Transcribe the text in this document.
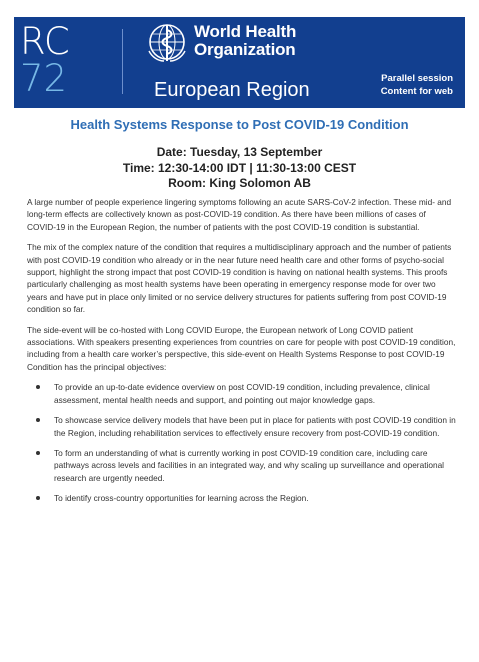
RC
72
World Health
Organization
European Region
Parallel session
Content for web
Health Systems Response to Post COVID-19 Condition
Date: Tuesday, 13 September
Time: 12:30-14:00 IDT | 11:30-13:00 CEST
Room: King Solomon AB

A large number of people experience lingering symptoms following an acute SARS-CoV-2 infection. These mid- and long-term effects are collectively known as post-COVID-19 condition. As there have been millions of cases of COVID-19 in the European Region, the number of patients with the post COVID-19 condition is substantial.

The mix of the complex nature of the condition that requires a multidisciplinary approach and the number of patients with post COVID-19 condition who already or in the near future need health care and other forms of psycho-social support, highlight the strong impact that post COVID-19 condition is having on national health systems. This proofs particularly challenging as most health systems have been operating in emergency response mode for over two years and have put in place only limited or no service delivery structures for patients suffering from post COVID-19 condition so far.

The side-event will be co-hosted with Long COVID Europe, the European network of Long COVID patient associations. With speakers presenting experiences from countries on care for people with post COVID-19 condition, including from a health care worker’s perspective, this side-event on Health Systems Response to post COVID-19 Condition has the principal objectives:

To provide an up-to-date evidence overview on post COVID-19 condition, including prevalence, clinical assessment, mental health needs and support, and pointing out major knowledge gaps.
To showcase service delivery models that have been put in place for patients with post COVID-19 condition in the Region, including rehabilitation services to effectively ensure recovery from post-COVID-19 condition.
To form an understanding of what is currently working in post COVID-19 condition care, including care pathways across levels and facilities in an integrated way, and why scaling up surveillance and operational research are urgently needed.
To identify cross-country opportunities for learning across the Region.
